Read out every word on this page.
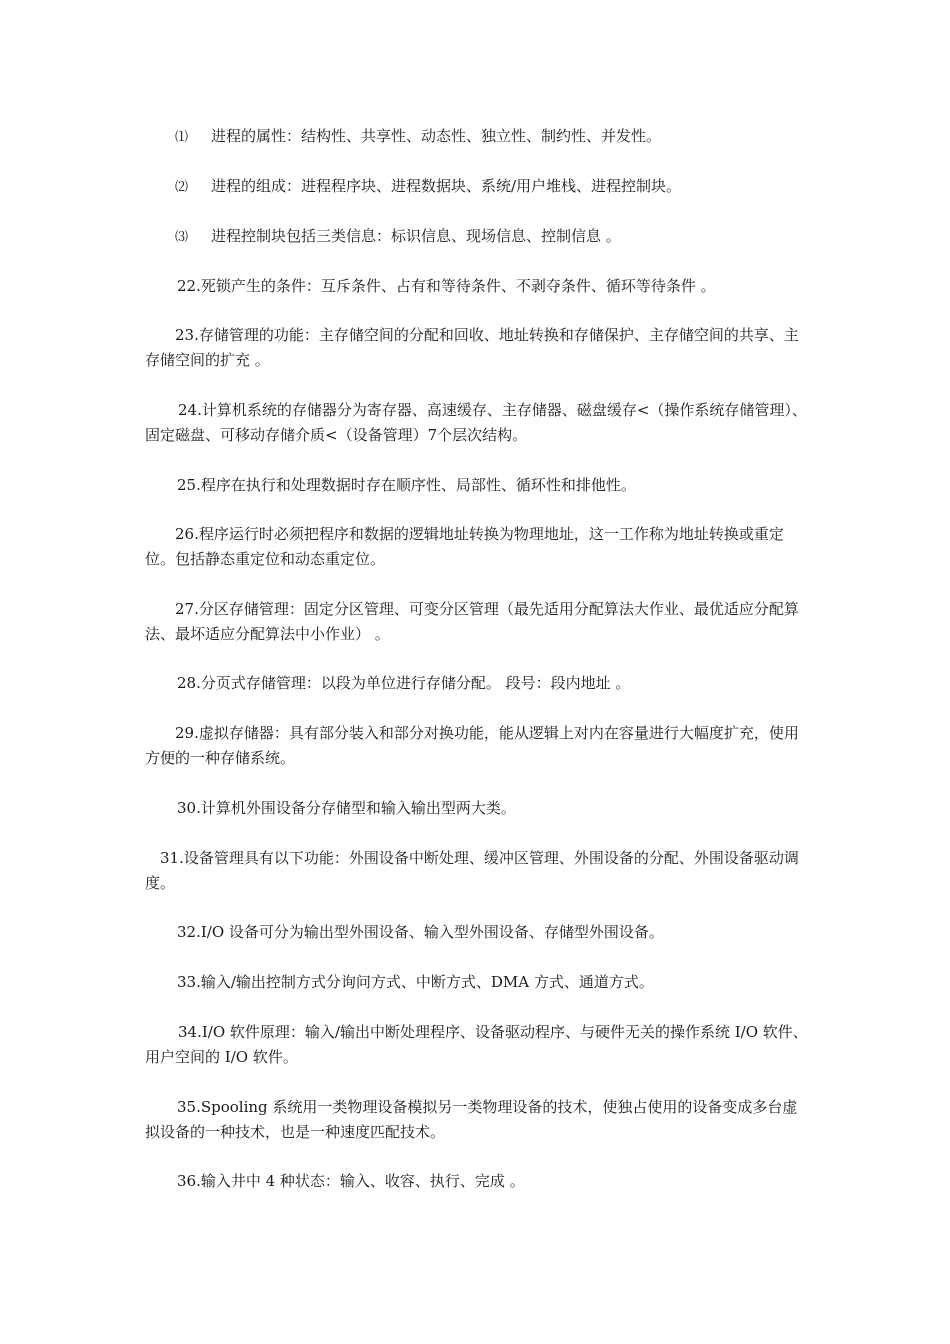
⑴ 进程的属性：结构性、共享性、动态性、独立性、制约性、并发性。
⑵ 进程的组成：进程程序块、进程数据块、系统/用户堆栈、进程控制块。
⑶ 进程控制块包括三类信息：标识信息、现场信息、控制信息 。

22.死锁产生的条件：互斥条件、占有和等待条件、不剥夺条件、循环等待条件 。

23.存储管理的功能：主存储空间的分配和回收、地址转换和存储保护、主存储空间的共享、主存储空间的扩充 。

24.计算机系统的存储器分为寄存器、高速缓存、主存储器、磁盘缓存<（操作系统存储管理）、固定磁盘、可移动存储介质<（设备管理）7个层次结构。

25.程序在执行和处理数据时存在顺序性、局部性、循环性和排他性。

26.程序运行时必须把程序和数据的逻辑地址转换为物理地址，这一工作称为地址转换或重定位。包括静态重定位和动态重定位。

27.分区存储管理：固定分区管理、可变分区管理（最先适用分配算法大作业、最优适应分配算法、最坏适应分配算法中小作业） 。

28.分页式存储管理：以段为单位进行存储分配。 段号：段内地址 。

29.虚拟存储器：具有部分装入和部分对换功能，能从逻辑上对内在容量进行大幅度扩充，使用方便的一种存储系统。

30.计算机外围设备分存储型和输入输出型两大类。

31.设备管理具有以下功能：外围设备中断处理、缓冲区管理、外围设备的分配、外围设备驱动调度。

32.I/O 设备可分为输出型外围设备、输入型外围设备、存储型外围设备。

33.输入/输出控制方式分询问方式、中断方式、DMA 方式、通道方式。

34.I/O 软件原理：输入/输出中断处理程序、设备驱动程序、与硬件无关的操作系统 I/O 软件、用户空间的 I/O 软件。

35.Spooling 系统用一类物理设备模拟另一类物理设备的技术，使独占使用的设备变成多台虚拟设备的一种技术，也是一种速度匹配技术。

36.输入井中 4 种状态：输入、收容、执行、完成 。
